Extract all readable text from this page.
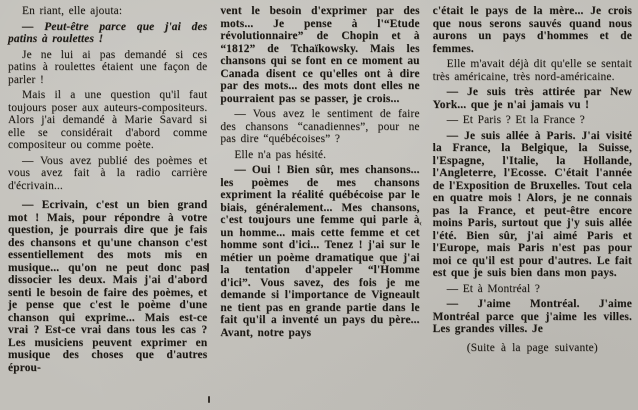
En riant, elle ajouta:

— Peut-être parce que j'ai des patins à roulettes !

Je ne lui ai pas demandé si ces patins à roulettes étaient une façon de parler !

Mais il a une question qu'il faut toujours poser aux auteurs-compositeurs. Alors j'ai demandé à Marie Savard si elle se considérait d'abord comme compositeur ou comme poète.

— Vous avez publié des poèmes et vous avez fait à la radio carrière d'écrivain...

— Ecrivain, c'est un bien grand mot ! Mais, pour répondre à votre question, je pourrais dire que je fais des chansons et qu'une chanson c'est essentiellement des mots mis en musique... qu'on ne peut donc pas dissocier les deux. Mais j'ai d'abord senti le besoin de faire des poèmes, et je pense que c'est le poème d'une chanson qui exprime... Mais est-ce vrai ? Est-ce vrai dans tous les cas ? Les musiciens peuvent exprimer en musique des choses que d'autres éprou-

vent le besoin d'exprimer par des mots... Je pense à l'“Etude révolutionnaire” de Chopin et à “1812” de Tchaïkowsky. Mais les chansons qui se font en ce moment au Canada disent ce qu'elles ont à dire par des mots... des mots dont elles ne pourraient pas se passer, je crois...

— Vous avez le sentiment de faire des chansons “canadiennes”, pour ne pas dire “québécoises” ?

Elle n'a pas hésité.

— Oui ! Bien sûr, mes chansons... les poèmes de mes chansons expriment la réalité québécoise par le biais, généralement... Mes chansons, c'est toujours une femme qui parle à un homme... mais cette femme et cet homme sont d'ici... Tenez ! j'ai sur le métier un poème dramatique que j'ai la tentation d'appeler “l'Homme d'ici”. Vous savez, des fois je me demande si l'importance de Vigneault ne tient pas en grande partie dans le fait qu'il a inventé un pays du père... Avant, notre pays

c'était le pays de la mère... Je crois que nous serons sauvés quand nous aurons un pays d'hommes et de femmes.

Elle m'avait déjà dit qu'elle se sentait très américaine, très nord-américaine.

— Je suis très attirée par New York... que je n'ai jamais vu !

— Et Paris ? Et la France ?

— Je suis allée à Paris. J'ai visité la France, la Belgique, la Suisse, l'Espagne, l'Italie, la Hollande, l'Angleterre, l'Ecosse. C'était l'année de l'Exposition de Bruxelles. Tout cela en quatre mois ! Alors, je ne connais pas la France, et peut-être encore moins Paris, surtout que j'y suis allée l'été. Bien sûr, j'ai aimé Paris et l'Europe, mais Paris n'est pas pour moi ce qu'il est pour d'autres. Le fait est que je suis bien dans mon pays.

— Et à Montréal ?

— J'aime Montréal. J'aime Montréal parce que j'aime les villes. Les grandes villes. Je

(Suite à la page suivante)

‹
